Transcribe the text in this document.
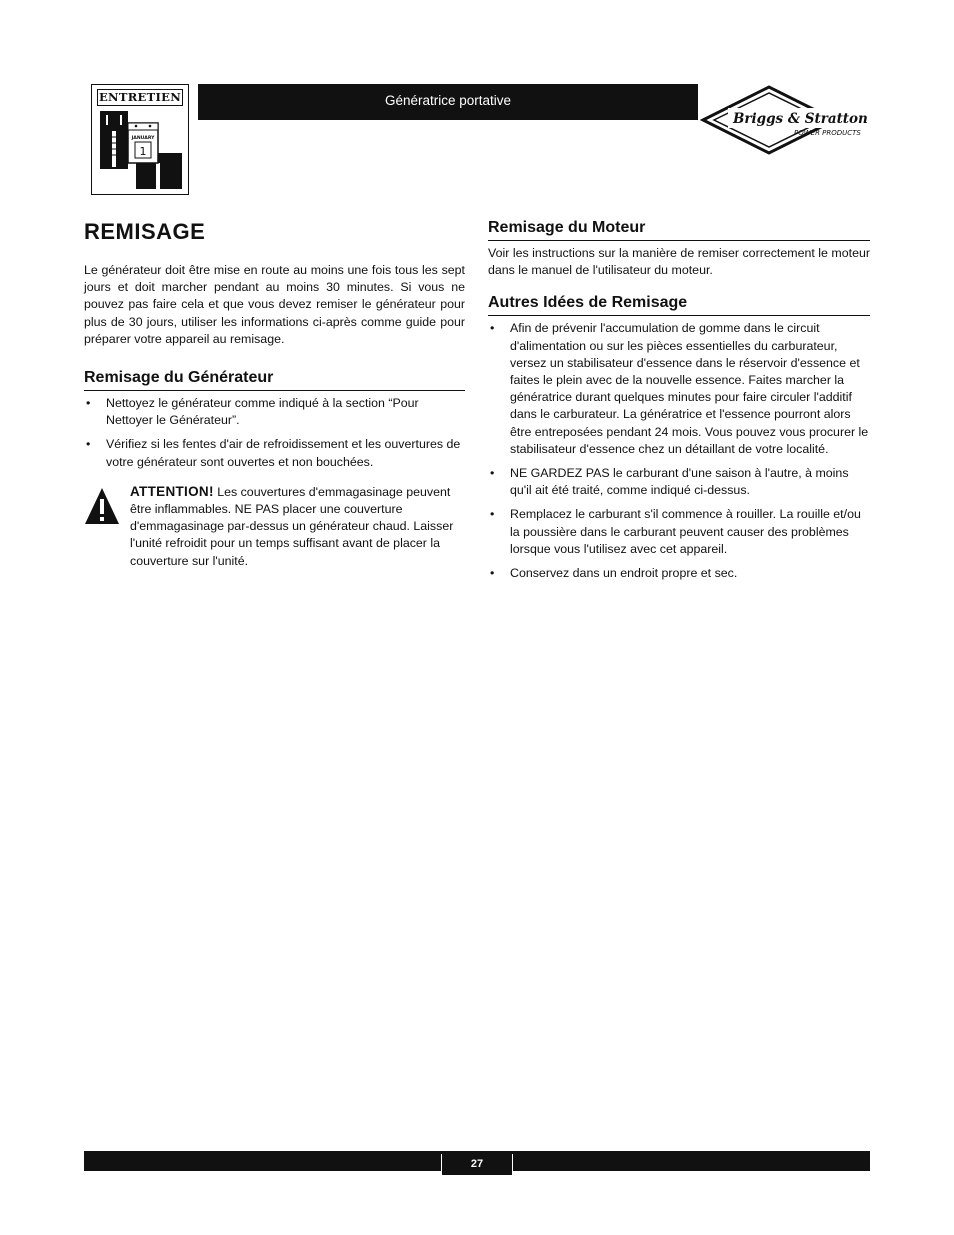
ENTRETIEN
JANUARY
1
Génératrice portative
Briggs & Stratton
POWER PRODUCTS
REMISAGE

Le générateur doit être mise en route au moins une fois tous les sept jours et doit marcher pendant au moins 30 minutes. Si vous ne pouvez pas faire cela et que vous devez remiser le générateur pour plus de 30 jours, utiliser les informations ci-après comme guide pour préparer votre appareil au remisage.

Remisage du Générateur
• Nettoyez le générateur comme indiqué à la section “Pour Nettoyer le Générateur”.
• Vérifiez si les fentes d'air de refroidissement et les ouvertures de votre générateur sont ouvertes et non bouchées.
ATTENTION! Les couvertures d'emmagasinage peuvent être inflammables. NE PAS placer une couverture d'emmagasinage par-dessus un générateur chaud. Laisser l'unité refroidit pour un temps suffisant avant de placer la couverture sur l'unité.
Remisage du Moteur

Voir les instructions sur la manière de remiser correctement le moteur dans le manuel de l'utilisateur du moteur.

Autres Idées de Remisage
• Afin de prévenir l'accumulation de gomme dans le circuit d'alimentation ou sur les pièces essentielles du carburateur, versez un stabilisateur d'essence dans le réservoir d'essence et faites le plein avec de la nouvelle essence. Faites marcher la génératrice durant quelques minutes pour faire circuler l'additif dans le carburateur. La génératrice et l'essence pourront alors être entreposées pendant 24 mois. Vous pouvez vous procurer le stabilisateur d'essence chez un détaillant de votre localité.
• NE GARDEZ PAS le carburant d'une saison à l'autre, à moins qu'il ait été traité, comme indiqué ci-dessus.
• Remplacez le carburant s'il commence à rouiller. La rouille et/ou la poussière dans le carburant peuvent causer des problèmes lorsque vous l'utilisez avec cet appareil.
• Conservez dans un endroit propre et sec.
27
